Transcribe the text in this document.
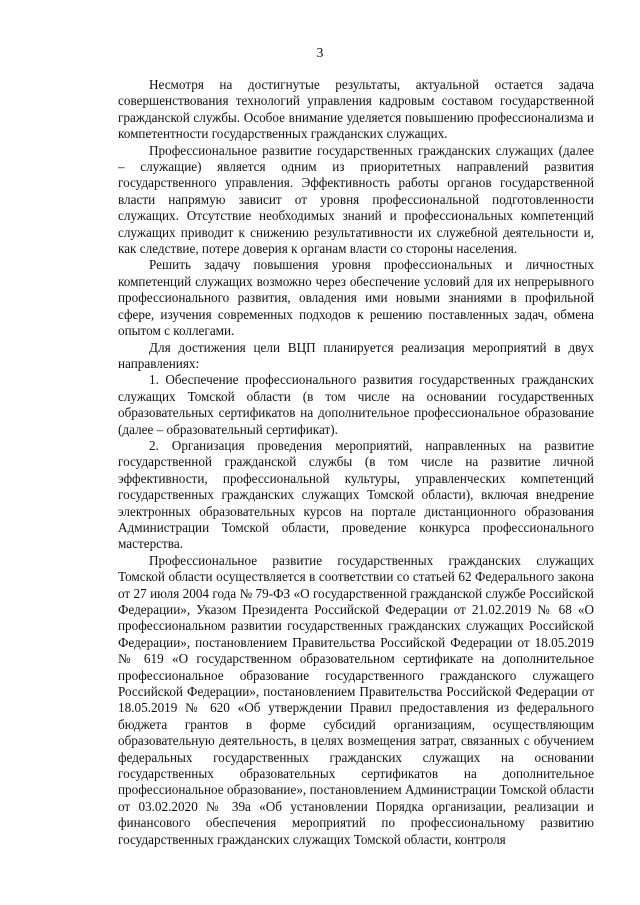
3

Несмотря на достигнутые результаты, актуальной остается задача совершенствования технологий управления кадровым составом государственной гражданской службы. Особое внимание уделяется повышению профессионализма и компетентности государственных гражданских служащих.

Профессиональное развитие государственных гражданских служащих (далее – служащие) является одним из приоритетных направлений развития государственного управления. Эффективность работы органов государственной власти напрямую зависит от уровня профессиональной подготовленности служащих. Отсутствие необходимых знаний и профессиональных компетенций служащих приводит к снижению результативности их служебной деятельности и, как следствие, потере доверия к органам власти со стороны населения.

Решить задачу повышения уровня профессиональных и личностных компетенций служащих возможно через обеспечение условий для их непрерывного профессионального развития, овладения ими новыми знаниями в профильной сфере, изучения современных подходов к решению поставленных задач, обмена опытом с коллегами.

Для достижения цели ВЦП планируется реализация мероприятий в двух направлениях:

1. Обеспечение профессионального развития государственных гражданских служащих Томской области (в том числе на основании государственных образовательных сертификатов на дополнительное профессиональное образование (далее – образовательный сертификат).

2. Организация проведения мероприятий, направленных на развитие государственной гражданской службы (в том числе на развитие личной эффективности, профессиональной культуры, управленческих компетенций государственных гражданских служащих Томской области), включая внедрение электронных образовательных курсов на портале дистанционного образования Администрации Томской области, проведение конкурса профессионального мастерства.

Профессиональное развитие государственных гражданских служащих Томской области осуществляется в соответствии со статьей 62 Федерального закона от 27 июля 2004 года № 79-ФЗ «О государственной гражданской службе Российской Федерации», Указом Президента Российской Федерации от 21.02.2019 № 68 «О профессиональном развитии государственных гражданских служащих Российской Федерации», постановлением Правительства Российской Федерации от 18.05.2019 № 619 «О государственном образовательном сертификате на дополнительное профессиональное образование государственного гражданского служащего Российской Федерации», постановлением Правительства Российской Федерации от 18.05.2019 № 620 «Об утверждении Правил предоставления из федерального бюджета грантов в форме субсидий организациям, осуществляющим образовательную деятельность, в целях возмещения затрат, связанных с обучением федеральных государственных гражданских служащих на основании государственных образовательных сертификатов на дополнительное профессиональное образование», постановлением Администрации Томской области от 03.02.2020 № 39а «Об установлении Порядка организации, реализации и финансового обеспечения мероприятий по профессиональному развитию государственных гражданских служащих Томской области, контроля
